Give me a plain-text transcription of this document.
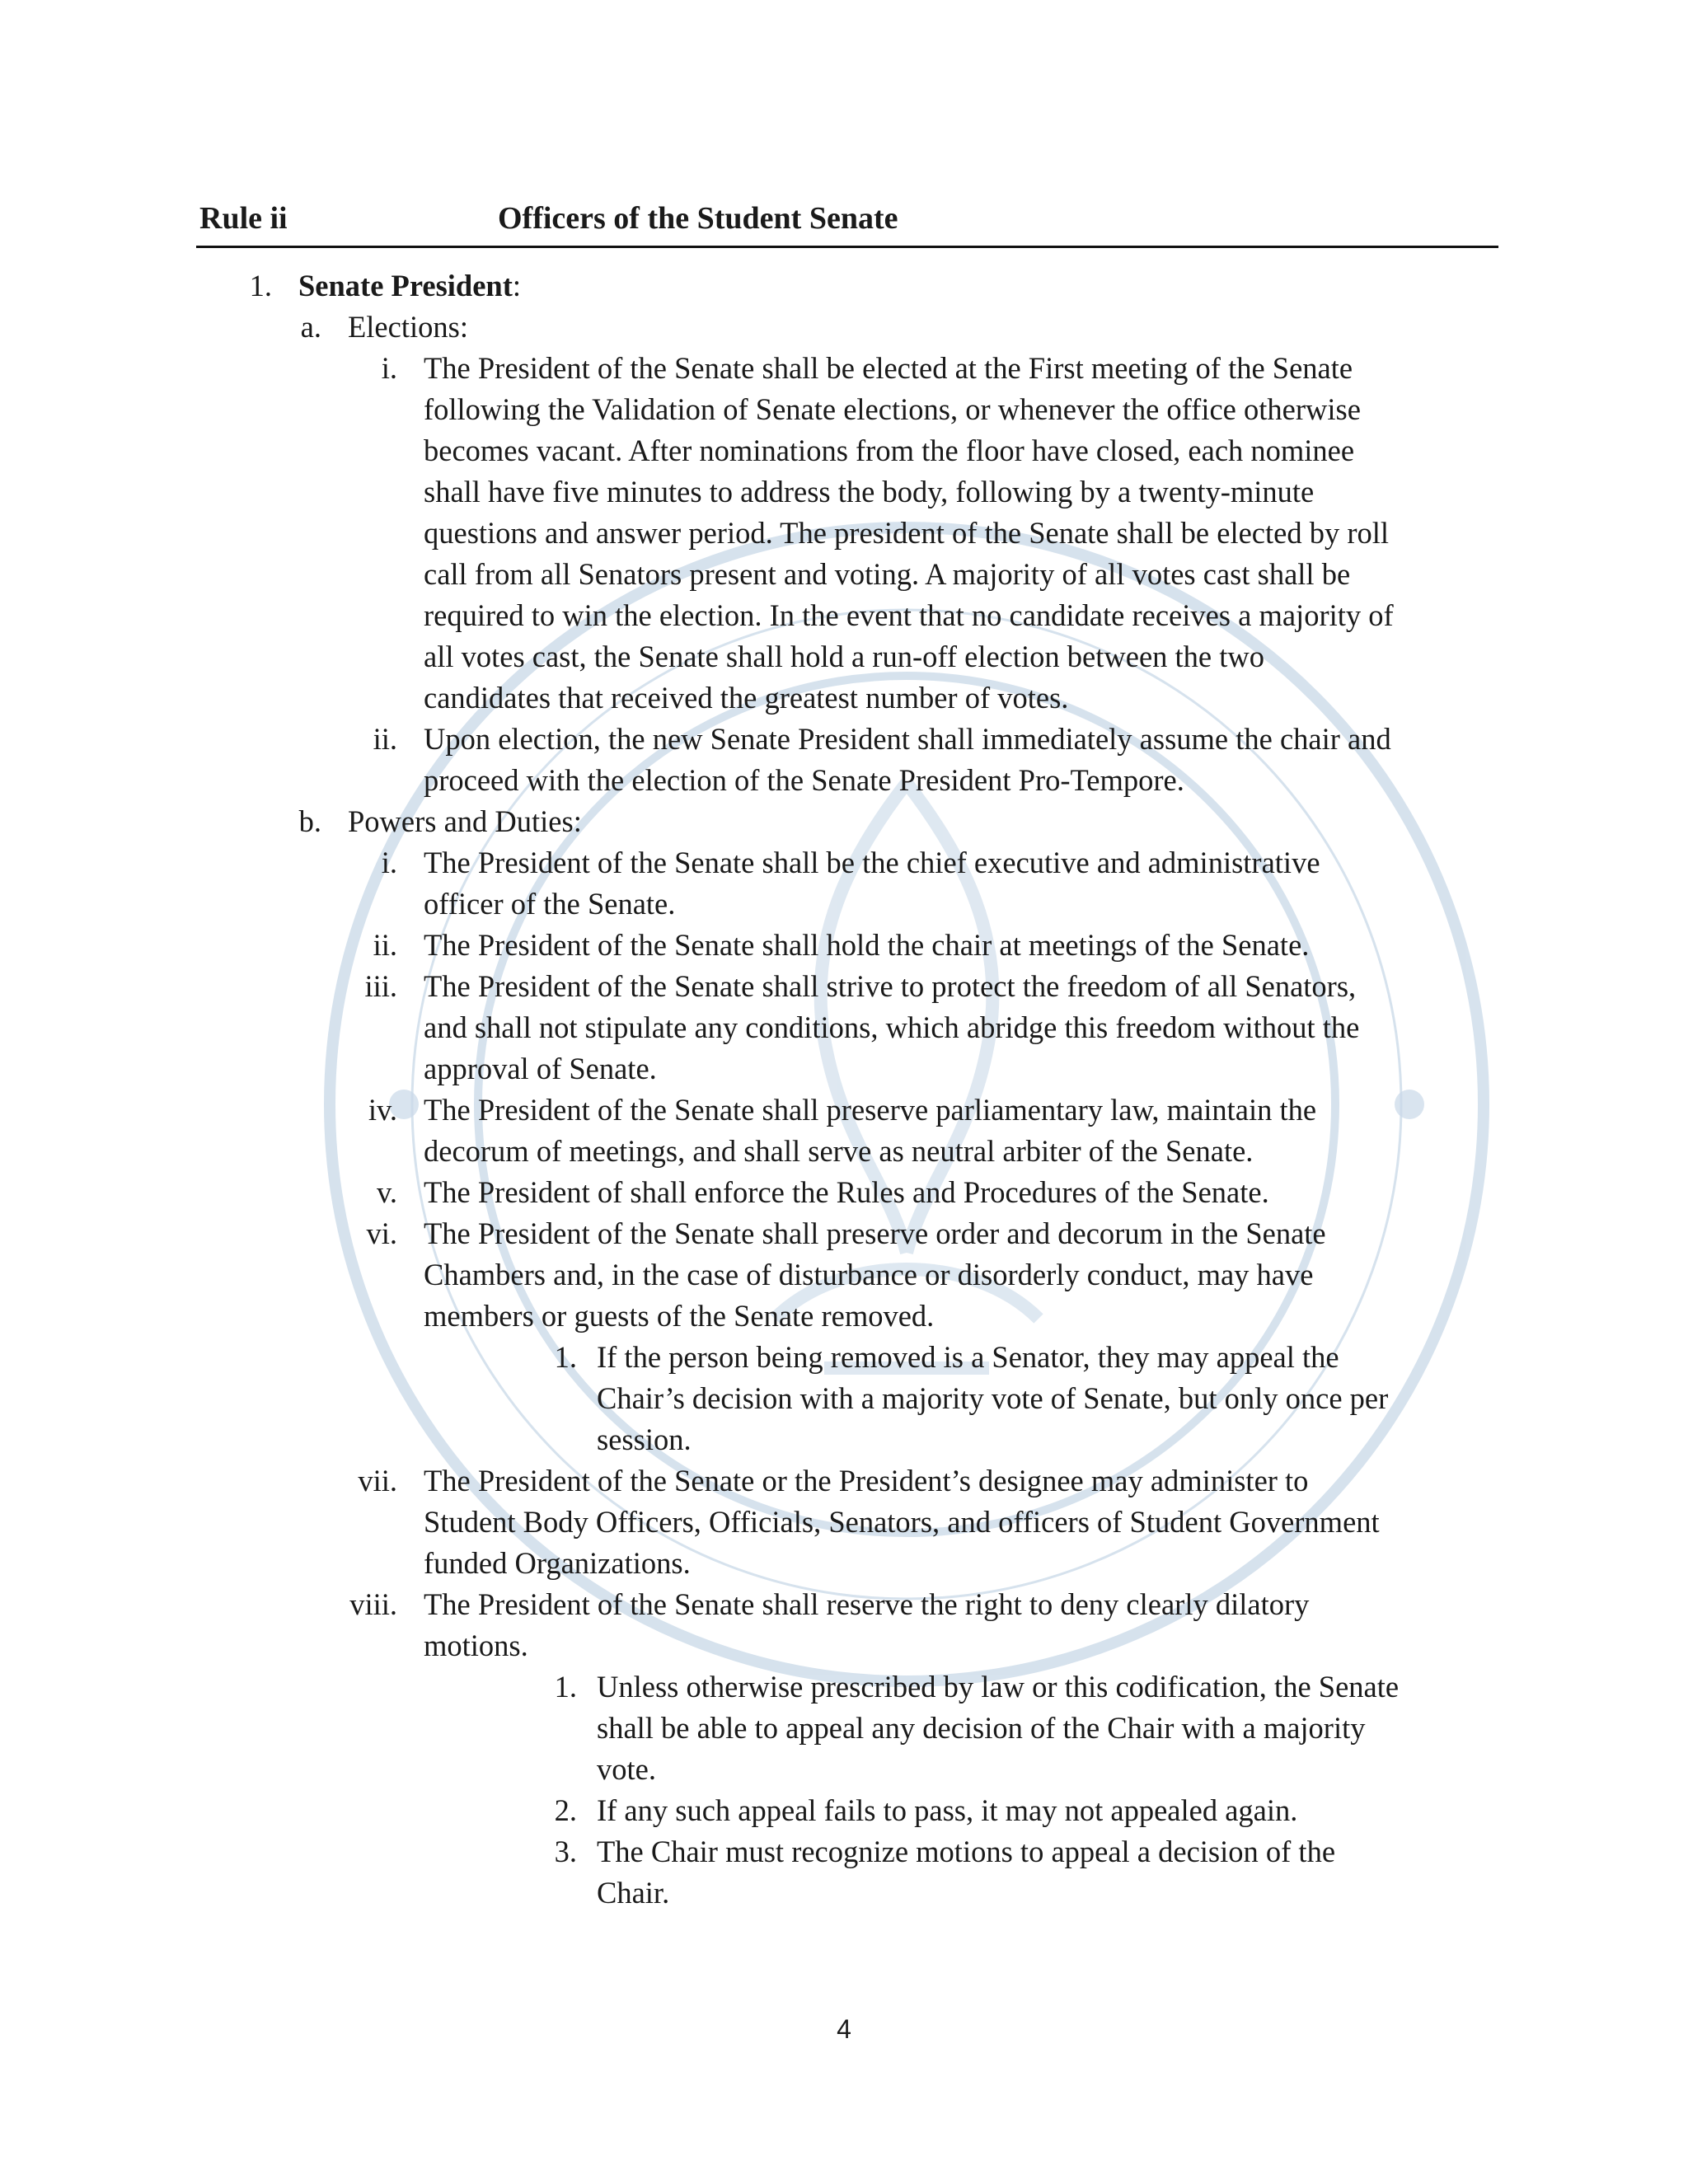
Rule ii	Officers of the Student Senate
1. Senate President:
a. Elections:
i. The President of the Senate shall be elected at the First meeting of the Senate
following the Validation of Senate elections, or whenever the office otherwise
becomes vacant. After nominations from the floor have closed, each nominee
shall have five minutes to address the body, following by a twenty-minute
questions and answer period. The president of the Senate shall be elected by roll
call from all Senators present and voting. A majority of all votes cast shall be
required to win the election. In the event that no candidate receives a majority of
all votes cast, the Senate shall hold a run-off election between the two
candidates that received the greatest number of votes.
ii. Upon election, the new Senate President shall immediately assume the chair and
proceed with the election of the Senate President Pro-Tempore.
b. Powers and Duties:
i. The President of the Senate shall be the chief executive and administrative
officer of the Senate.
ii. The President of the Senate shall hold the chair at meetings of the Senate.
iii. The President of the Senate shall strive to protect the freedom of all Senators,
and shall not stipulate any conditions, which abridge this freedom without the
approval of Senate.
iv. The President of the Senate shall preserve parliamentary law, maintain the
decorum of meetings, and shall serve as neutral arbiter of the Senate.
v. The President of shall enforce the Rules and Procedures of the Senate.
vi. The President of the Senate shall preserve order and decorum in the Senate
Chambers and, in the case of disturbance or disorderly conduct, may have
members or guests of the Senate removed.
1. If the person being removed is a Senator, they may appeal the
Chair’s decision with a majority vote of Senate, but only once per
session.
vii. The President of the Senate or the President’s designee may administer to
Student Body Officers, Officials, Senators, and officers of Student Government
funded Organizations.
viii. The President of the Senate shall reserve the right to deny clearly dilatory
motions.
1. Unless otherwise prescribed by law or this codification, the Senate
shall be able to appeal any decision of the Chair with a majority
vote.
2. If any such appeal fails to pass, it may not appealed again.
3. The Chair must recognize motions to appeal a decision of the
Chair.
4
